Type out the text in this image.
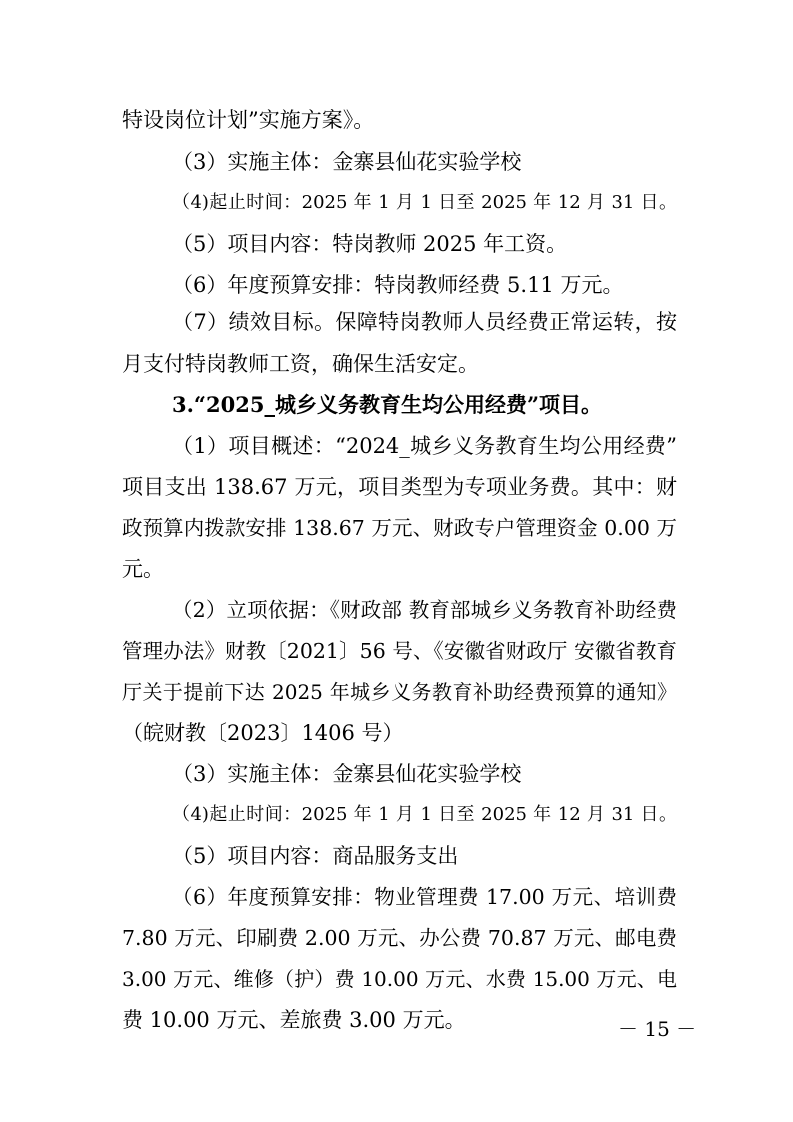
特设岗位计划”实施方案》。
（3）实施主体：金寨县仙花实验学校
（4)起止时间：2025 年 1 月 1 日至 2025 年 12 月 31 日。
（5）项目内容：特岗教师 2025 年工资。
（6）年度预算安排：特岗教师经费 5.11 万元。
（7）绩效目标。保障特岗教师人员经费正常运转，按
月支付特岗教师工资，确保生活安定。
3.“2025_城乡义务教育生均公用经费”项目。
（1）项目概述：“2024_城乡义务教育生均公用经费”
项目支出 138.67 万元，项目类型为专项业务费。其中：财
政预算内拨款安排 138.67 万元、财政专户管理资金 0.00 万
元。
（2）立项依据：《财政部 教育部城乡义务教育补助经费
管理办法》财教〔2021〕56 号、《安徽省财政厅 安徽省教育
厅关于提前下达 2025 年城乡义务教育补助经费预算的通知》
（皖财教〔2023〕1406 号）
（3）实施主体：金寨县仙花实验学校
（4)起止时间：2025 年 1 月 1 日至 2025 年 12 月 31 日。
（5）项目内容：商品服务支出
（6）年度预算安排：物业管理费 17.00 万元、培训费
7.80 万元、印刷费 2.00 万元、办公费 70.87 万元、邮电费
3.00 万元、维修（护）费 10.00 万元、水费 15.00 万元、电
费 10.00 万元、差旅费 3.00 万元。	－ 15 －
